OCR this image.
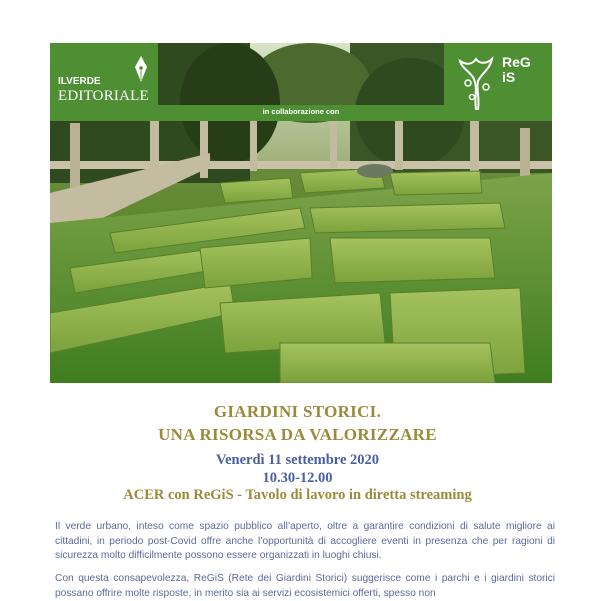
ILVERDE
EDITORIALE
in collaborazione con
ReG
iS
GIARDINI STORICI.
UNA RISORSA DA VALORIZZARE
Venerdì 11 settembre 2020
10.30-12.00
ACER con ReGiS - Tavolo di lavoro in diretta streaming
Il verde urbano, inteso come spazio pubblico all’aperto, oltre a garantire condizioni di salute migliore ai cittadini, in periodo post-Covid offre anche l’opportunità di accogliere eventi in presenza che per ragioni di sicurezza molto difficilmente possono essere organizzati in luoghi chiusi.
Con questa consapevolezza, ReGiS (Rete dei Giardini Storici) suggerisce come i parchi e i giardini storici possano offrire molte risposte, in merito sia ai servizi ecosistemici offerti, spesso non
